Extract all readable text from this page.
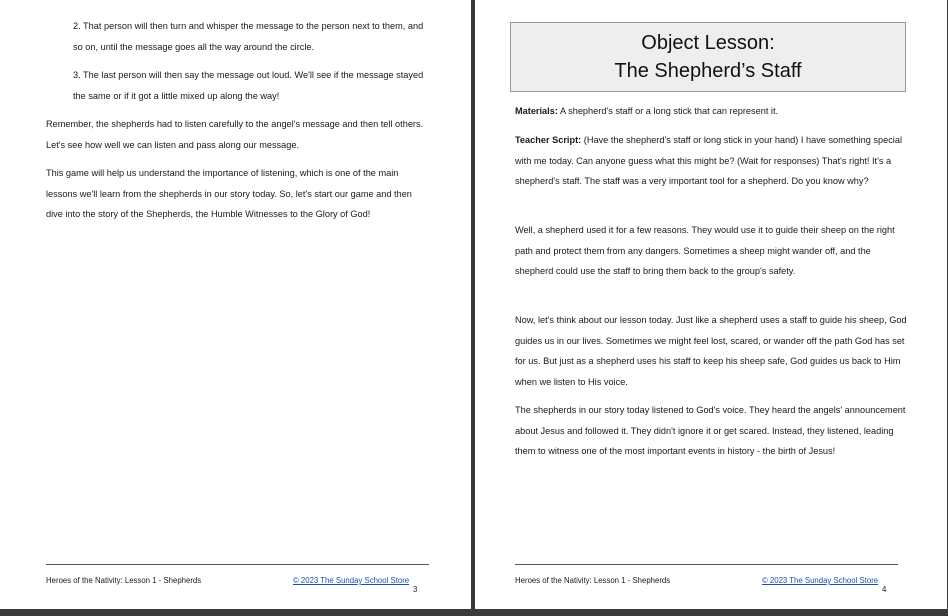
2. That person will then turn and whisper the message to the person next to them, and so on, until the message goes all the way around the circle.

3. The last person will then say the message out loud. We'll see if the message stayed the same or if it got a little mixed up along the way!

Remember, the shepherds had to listen carefully to the angel's message and then tell others. Let's see how well we can listen and pass along our message.

This game will help us understand the importance of listening, which is one of the main lessons we'll learn from the shepherds in our story today. So, let's start our game and then dive into the story of the Shepherds, the Humble Witnesses to the Glory of God!

Heroes of the Nativity: Lesson 1 - Shepherds	© 2023 The Sunday School Store
3
Object Lesson:
The Shepherd’s Staff

Materials: A shepherd's staff or a long stick that can represent it.

Teacher Script: (Have the shepherd's staff or long stick in your hand) I have something special with me today. Can anyone guess what this might be? (Wait for responses) That's right! It's a shepherd's staff. The staff was a very important tool for a shepherd. Do you know why?

Well, a shepherd used it for a few reasons. They would use it to guide their sheep on the right path and protect them from any dangers. Sometimes a sheep might wander off, and the shepherd could use the staff to bring them back to the group's safety.

Now, let's think about our lesson today. Just like a shepherd uses a staff to guide his sheep, God guides us in our lives. Sometimes we might feel lost, scared, or wander off the path God has set for us. But just as a shepherd uses his staff to keep his sheep safe, God guides us back to Him when we listen to His voice.

The shepherds in our story today listened to God's voice. They heard the angels' announcement about Jesus and followed it. They didn't ignore it or get scared. Instead, they listened, leading them to witness one of the most important events in history - the birth of Jesus!

Heroes of the Nativity: Lesson 1 - Shepherds	© 2023 The Sunday School Store
4
